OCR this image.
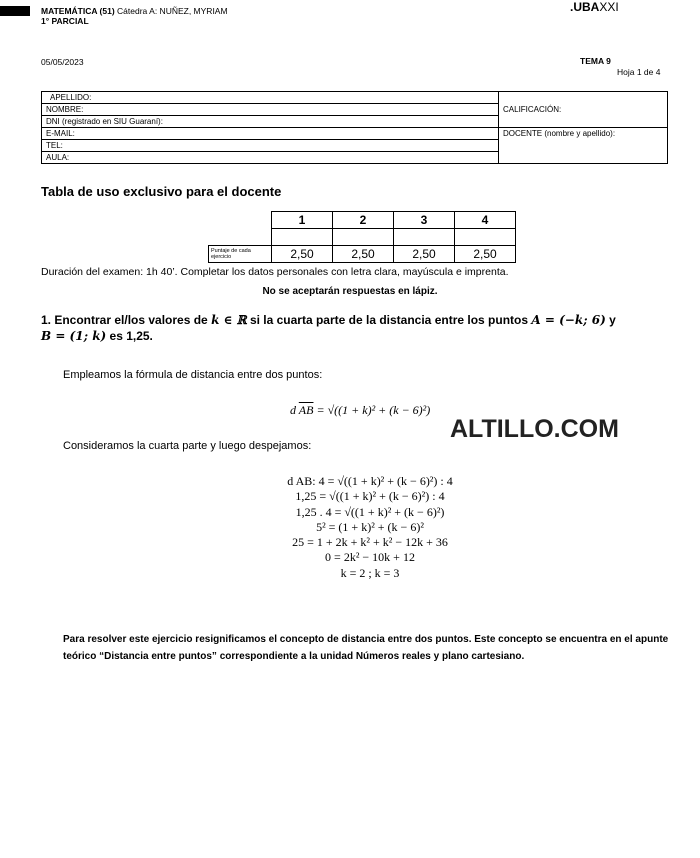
MATEMÁTICA (51) Cátedra A: NUÑEZ, MYRIAM
1° PARCIAL
.UBAXXI
05/05/2023	TEMA 9
Hoja 1 de 4
APELLIDO:	CALIFICACIÓN:
NOMBRE:	
DNI (registrado en SIU Guaraní):	
E-MAIL:	DOCENTE (nombre y apellido):
TEL:	
AULA:	
Tabla de uso exclusivo para el docente
	1	2	3	4

Puntaje de cada ejercicio	2,50	2,50	2,50	2,50
Duración del examen: 1h 40’. Completar los datos personales con letra clara, mayúscula e imprenta.
No se aceptarán respuestas en lápiz.
1. Encontrar el/los valores de k ∈ ℝ si la cuarta parte de la distancia entre los puntos A = (−k; 6) y
B = (1; k) es 1,25.
Empleamos la fórmula de distancia entre dos puntos:
d $\overline{AB} = √((1 + k)^2 + (k - 6)^2)$
ALTILLO.COM
Consideramos la cuarta parte y luego despejamos:
d AB: 4 = √((1 + k)² + (k − 6)²) : 4
1,25 = √((1 + k)² + (k − 6)²) : 4
1,25 . 4 = √((1 + k)² + (k − 6)²)
5² = (1 + k)² + (k − 6)²
25 = 1 + 2k + k² + k² − 12k + 36
0 = 2k² − 10k + 12
k = 2 ; k = 3
Para resolver este ejercicio resignificamos el concepto de distancia entre dos puntos. Este concepto se encuentra en el apunte teórico “Distancia entre puntos” correspondiente a la unidad Números reales y plano cartesiano.
